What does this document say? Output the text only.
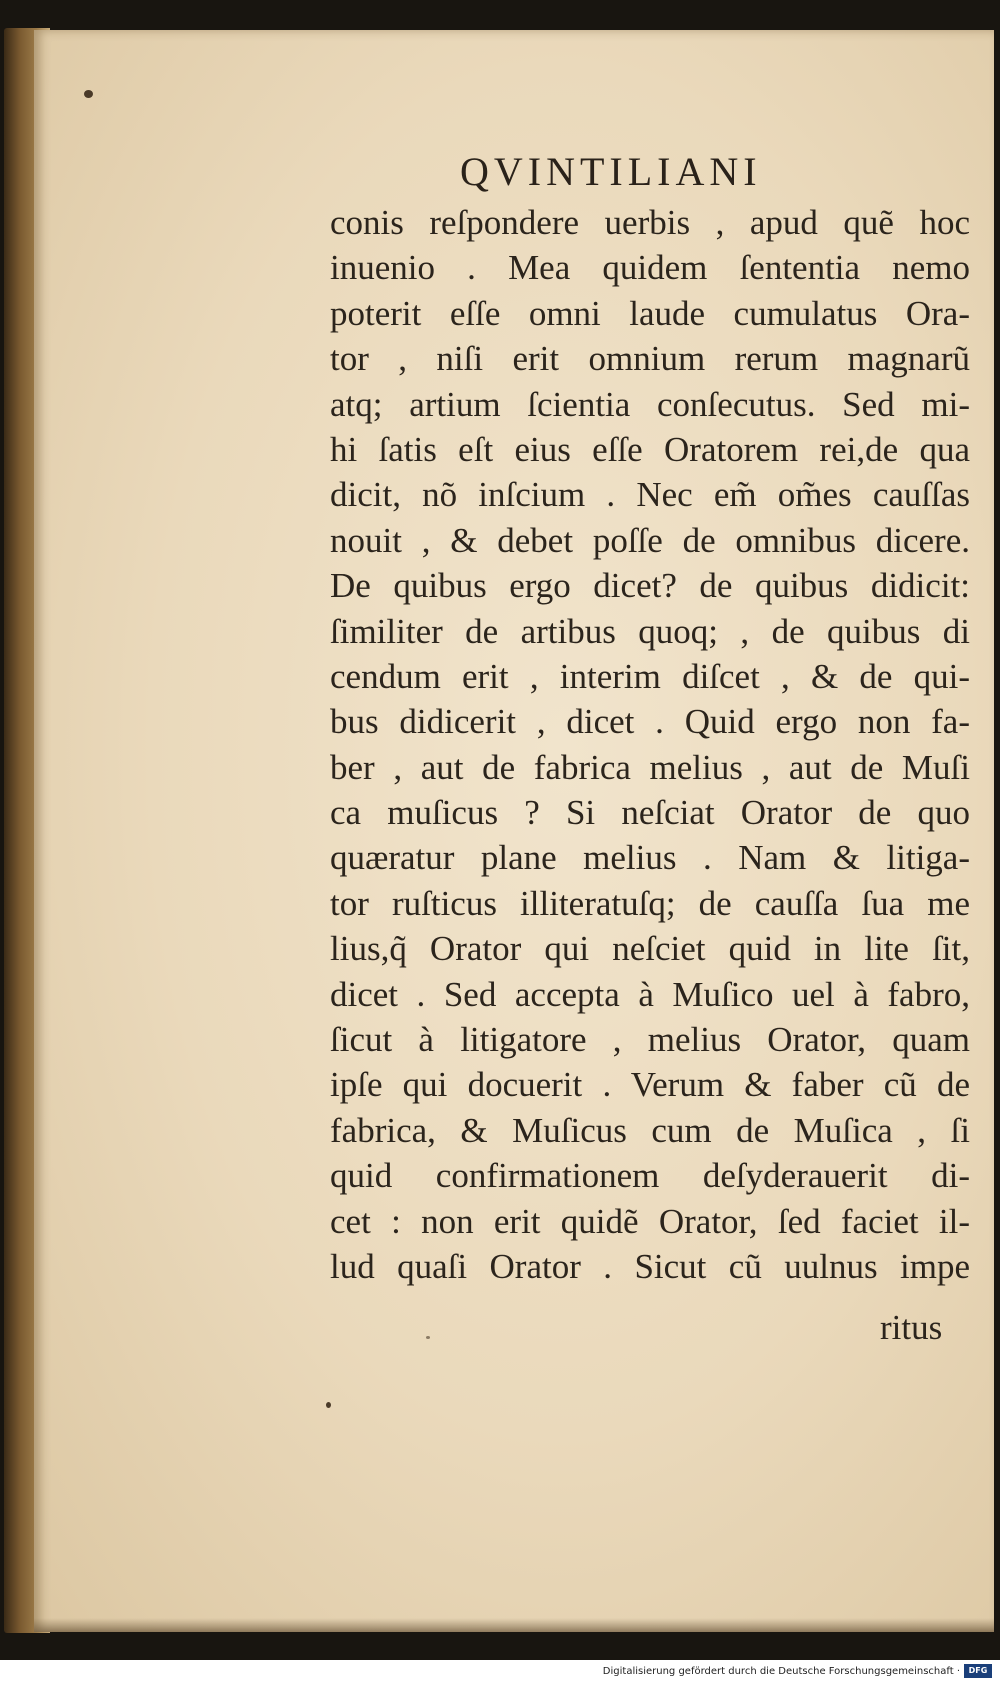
QVINTILIANI
conis reſpondere uerbis , apud quẽ hoc
inuenio . Mea quidem ſententia nemo
poterit eſſe omni laude cumulatus Ora-
tor , niſi erit omnium rerum magnarũ
atq; artium ſcientia conſecutus. Sed mi-
hi ſatis eſt eius eſſe Oratorem rei,de qua
dicit, nõ inſcium . Nec em̃ om̃es cauſſas
nouit , & debet poſſe de omnibus dicere.
De quibus ergo dicet? de quibus didicit:
ſimiliter de artibus quoq; , de quibus di
cendum erit , interim diſcet , & de qui-
bus didicerit , dicet . Quid ergo non fa-
ber , aut de fabrica melius , aut de Muſi
ca muſicus ? Si neſciat Orator de quo
quæratur plane melius . Nam & litiga-
tor ruſticus illiteratuſq; de cauſſa ſua me
lius,q̃ Orator qui neſciet quid in lite ſit,
dicet . Sed accepta à Muſico uel à fabro,
ſicut à litigatore , melius Orator, quam
ipſe qui docuerit . Verum & faber cũ de
fabrica, & Muſicus cum de Muſica , ſi
quid confirmationem deſyderauerit di-
cet : non erit quidẽ Orator, ſed faciet il-
lud quaſi Orator . Sicut cũ uulnus impe
ritus
Digitalisierung gefördert durch die Deutsche Forschungsgemeinschaft ·	DFG
